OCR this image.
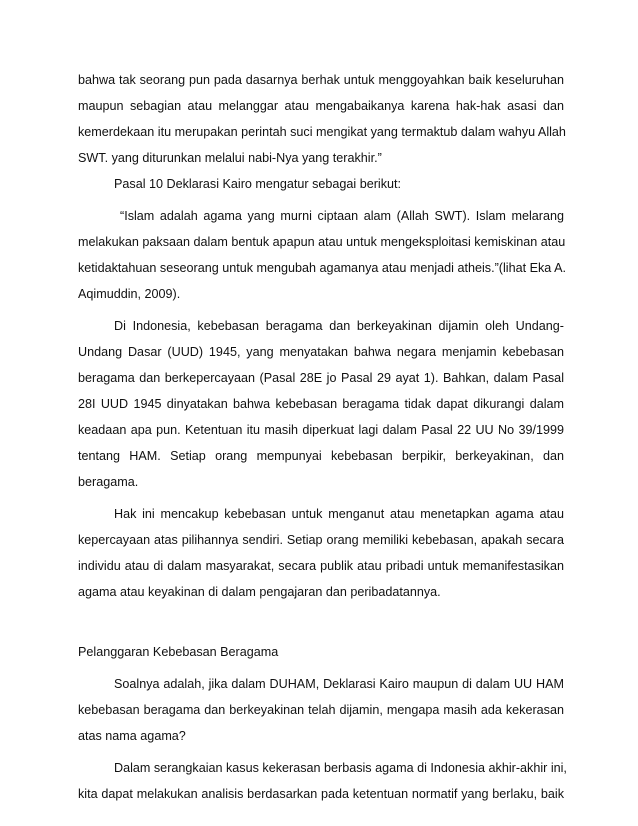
bahwa tak seorang pun pada dasarnya berhak untuk menggoyahkan baik keseluruhan
maupun sebagian atau melanggar atau mengabaikanya karena hak-hak asasi dan
kemerdekaan itu merupakan perintah suci mengikat yang termaktub dalam wahyu Allah
SWT. yang diturunkan melalui nabi-Nya yang terakhir.”
Pasal 10 Deklarasi Kairo mengatur sebagai berikut:
“Islam adalah agama yang murni ciptaan alam (Allah SWT). Islam melarang
melakukan paksaan dalam bentuk apapun atau untuk mengeksploitasi kemiskinan atau
ketidaktahuan seseorang untuk mengubah agamanya atau menjadi atheis.”(lihat Eka A.
Aqimuddin, 2009).
Di Indonesia, kebebasan beragama dan berkeyakinan dijamin oleh Undang-
Undang Dasar (UUD) 1945, yang menyatakan bahwa negara menjamin kebebasan
beragama dan berkepercayaan (Pasal 28E jo Pasal 29 ayat 1). Bahkan, dalam Pasal
28I UUD 1945 dinyatakan bahwa kebebasan beragama tidak dapat dikurangi dalam
keadaan apa pun. Ketentuan itu masih diperkuat lagi dalam Pasal 22 UU No 39/1999
tentang HAM. Setiap orang mempunyai kebebasan berpikir, berkeyakinan, dan
beragama.
Hak ini mencakup kebebasan untuk menganut atau menetapkan agama atau
kepercayaan atas pilihannya sendiri. Setiap orang memiliki kebebasan, apakah secara
individu atau di dalam masyarakat, secara publik atau pribadi untuk memanifestasikan
agama atau keyakinan di dalam pengajaran dan peribadatannya.
Pelanggaran Kebebasan Beragama
Soalnya adalah, jika dalam DUHAM, Deklarasi Kairo maupun di dalam UU HAM
kebebasan beragama dan berkeyakinan telah dijamin, mengapa masih ada kekerasan
atas nama agama?
Dalam serangkaian kasus kekerasan berbasis agama di Indonesia akhir-akhir ini,
kita dapat melakukan analisis berdasarkan pada ketentuan normatif yang berlaku, baik
